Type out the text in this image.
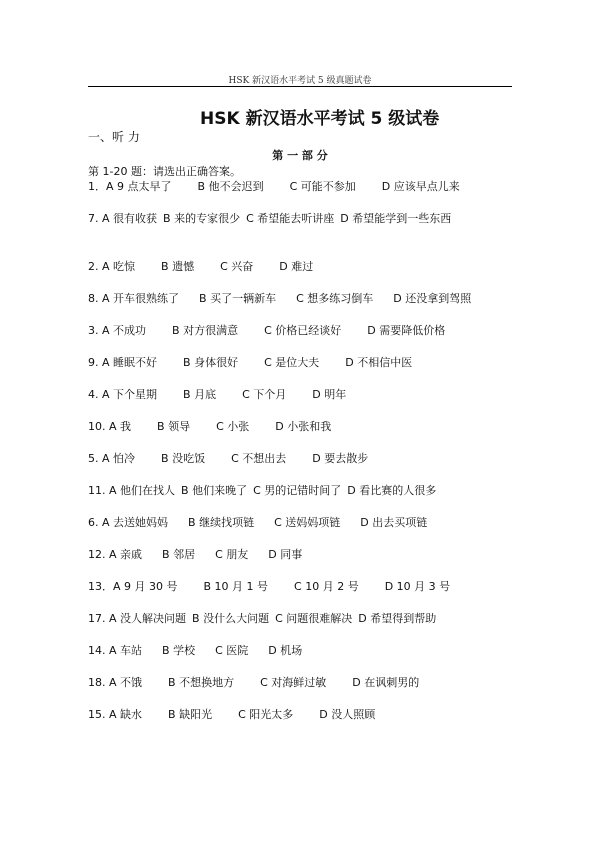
HSK 新汉语水平考试 5 级真题试卷
HSK 新汉语水平考试 5 级试卷
一、听 力
第 一 部 分
第 1-20 题：请选出正确答案。
1．A 9 点太早了 B 他不会迟到 C 可能不参加 D 应该早点儿来
7. A 很有收获 B 来的专家很少 C 希望能去听讲座 D 希望能学到一些东西
2. A 吃惊 B 遗憾 C 兴奋 D 难过
8. A 开车很熟练了 B 买了一辆新车 C 想多练习倒车 D 还没拿到驾照
3. A 不成功 B 对方很满意 C 价格已经谈好 D 需要降低价格
9. A 睡眠不好 B 身体很好 C 是位大夫 D 不相信中医
4. A 下个星期 B 月底 C 下个月 D 明年
10. A 我 B 领导 C 小张 D 小张和我
5. A 怕冷 B 没吃饭 C 不想出去 D 要去散步
11. A 他们在找人 B 他们来晚了 C 男的记错时间了 D 看比赛的人很多
6. A 去送她妈妈 B 继续找项链 C 送妈妈项链 D 出去买项链
12. A 亲戚 B 邻居 C 朋友 D 同事
13．A 9 月 30 号 B 10 月 1 号 C 10 月 2 号 D 10 月 3 号
17. A 没人解决问题 B 没什么大问题 C 问题很难解决 D 希望得到帮助
14. A 车站 B 学校 C 医院 D 机场
18. A 不饿 B 不想换地方 C 对海鲜过敏 D 在讽刺男的
15. A 缺水 B 缺阳光 C 阳光太多 D 没人照顾
